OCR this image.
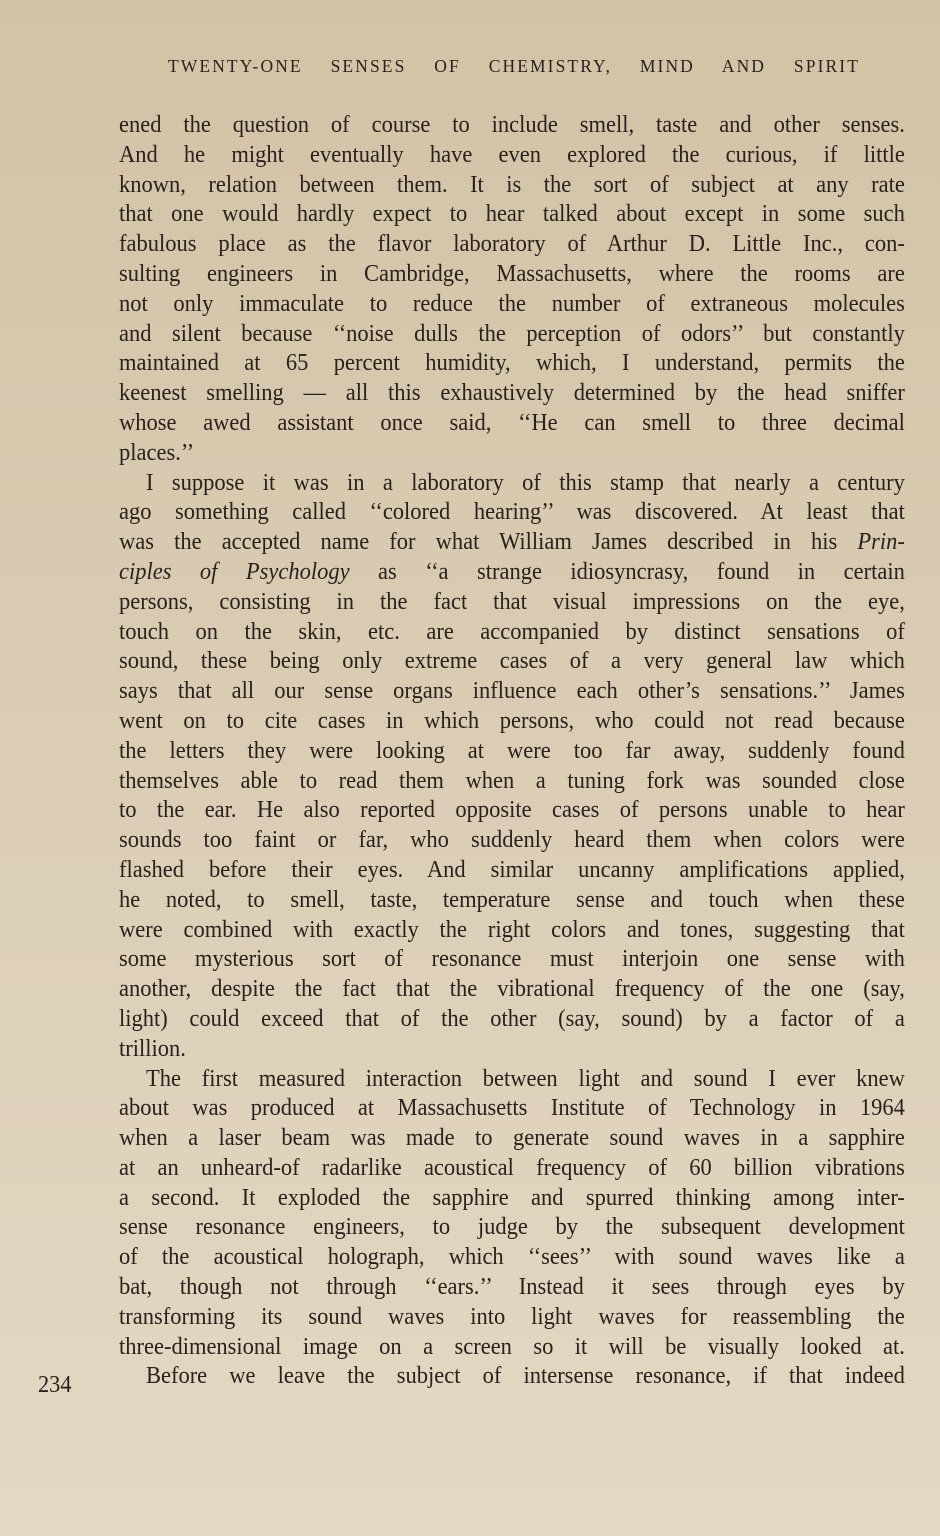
TWENTY-ONE SENSES OF CHEMISTRY, MIND AND SPIRIT
ened the question of course to include smell, taste and other senses.
And he might eventually have even explored the curious, if little
known, relation between them. It is the sort of subject at any rate
that one would hardly expect to hear talked about except in some such
fabulous place as the flavor laboratory of Arthur D. Little Inc., con-
sulting engineers in Cambridge, Massachusetts, where the rooms are
not only immaculate to reduce the number of extraneous molecules
and silent because ‘‘noise dulls the perception of odors’’ but constantly
maintained at 65 percent humidity, which, I understand, permits the
keenest smelling — all this exhaustively determined by the head sniffer
whose awed assistant once said, ‘‘He can smell to three decimal
places.’’
I suppose it was in a laboratory of this stamp that nearly a century
ago something called ‘‘colored hearing’’ was discovered. At least that
was the accepted name for what William James described in his Prin-
ciples of Psychology as ‘‘a strange idiosyncrasy, found in certain
persons, consisting in the fact that visual impressions on the eye,
touch on the skin, etc. are accompanied by distinct sensations of
sound, these being only extreme cases of a very general law which
says that all our sense organs influence each other’s sensations.’’ James
went on to cite cases in which persons, who could not read because
the letters they were looking at were too far away, suddenly found
themselves able to read them when a tuning fork was sounded close
to the ear. He also reported opposite cases of persons unable to hear
sounds too faint or far, who suddenly heard them when colors were
flashed before their eyes. And similar uncanny amplifications applied,
he noted, to smell, taste, temperature sense and touch when these
were combined with exactly the right colors and tones, suggesting that
some mysterious sort of resonance must interjoin one sense with
another, despite the fact that the vibrational frequency of the one (say,
light) could exceed that of the other (say, sound) by a factor of a
trillion.
The first measured interaction between light and sound I ever knew
about was produced at Massachusetts Institute of Technology in 1964
when a laser beam was made to generate sound waves in a sapphire
at an unheard-of radarlike acoustical frequency of 60 billion vibrations
a second. It exploded the sapphire and spurred thinking among inter-
sense resonance engineers, to judge by the subsequent development
of the acoustical holograph, which ‘‘sees’’ with sound waves like a
bat, though not through ‘‘ears.’’ Instead it sees through eyes by
transforming its sound waves into light waves for reassembling the
three-dimensional image on a screen so it will be visually looked at.
Before we leave the subject of intersense resonance, if that indeed
234
